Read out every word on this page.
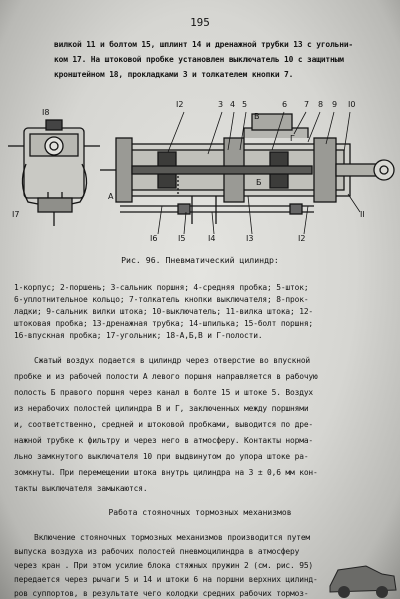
195
вилкой 11 и болтом 15, шплинт 14 и дренажной трубки 13 с угольни-
ком 17. На штоковой пробке установлен выключатель 10 с защитным
кронштейном 18, прокладками 3 и толкателем кнопки 7.
I8
I2	3 4 5
В
6 7 8 9 I0
Г
А
Б
I7
I6	I5	I4	I3	I2
II
Рис. 96. Пневматический цилиндр:
1-корпус; 2-поршень; 3-сальник поршня; 4-средняя пробка; 5-шток;
6-уплотнительное кольцо; 7-толкатель кнопки выключателя; 8-прок-
ладки; 9-сальник вилки штока; 10-выключатель; 11-вилка штока; 12-
штоковая пробка; 13-дренажная трубка; 14-шпилька; 15-болт поршня;
16-впускная пробка; 17-угольник; 18-А,Б,В и Г-полости.
Сжатый воздух подается в цилиндр через отверстие во впускной
пробке и из рабочей полости А левого поршня направляется в рабочую
полость Б правого поршня через канал в болте 15 и штоке 5. Воздух
из нерабочих полостей цилиндра В и Г, заключенных между поршнями
и, соответственно, средней и штоковой пробками, выводится по дре-
нажной трубке к фильтру и через него в атмосферу. Контакты норма-
льно замкнутого выключателя 10 при выдвинутом до упора штоке ра-
зомкнуты. При перемещении штока внутрь цилиндра на 3 ± 0,6 мм кон-
такты выключателя замыкаются.
Работа стояночных тормозных механизмов
Включение стояночных тормозных механизмов производится путем
выпуска воздуха из рабочих полостей пневмоцилиндра в атмосферу
через кран . При этом усилие блока стяжных пружин 2 (см. рис. 95)
передается через рычаги 5 и 14 и штоки 6 на поршни верхних цилинд-
ров суппортов, в результате чего колодки средних рабочих тормоз-
